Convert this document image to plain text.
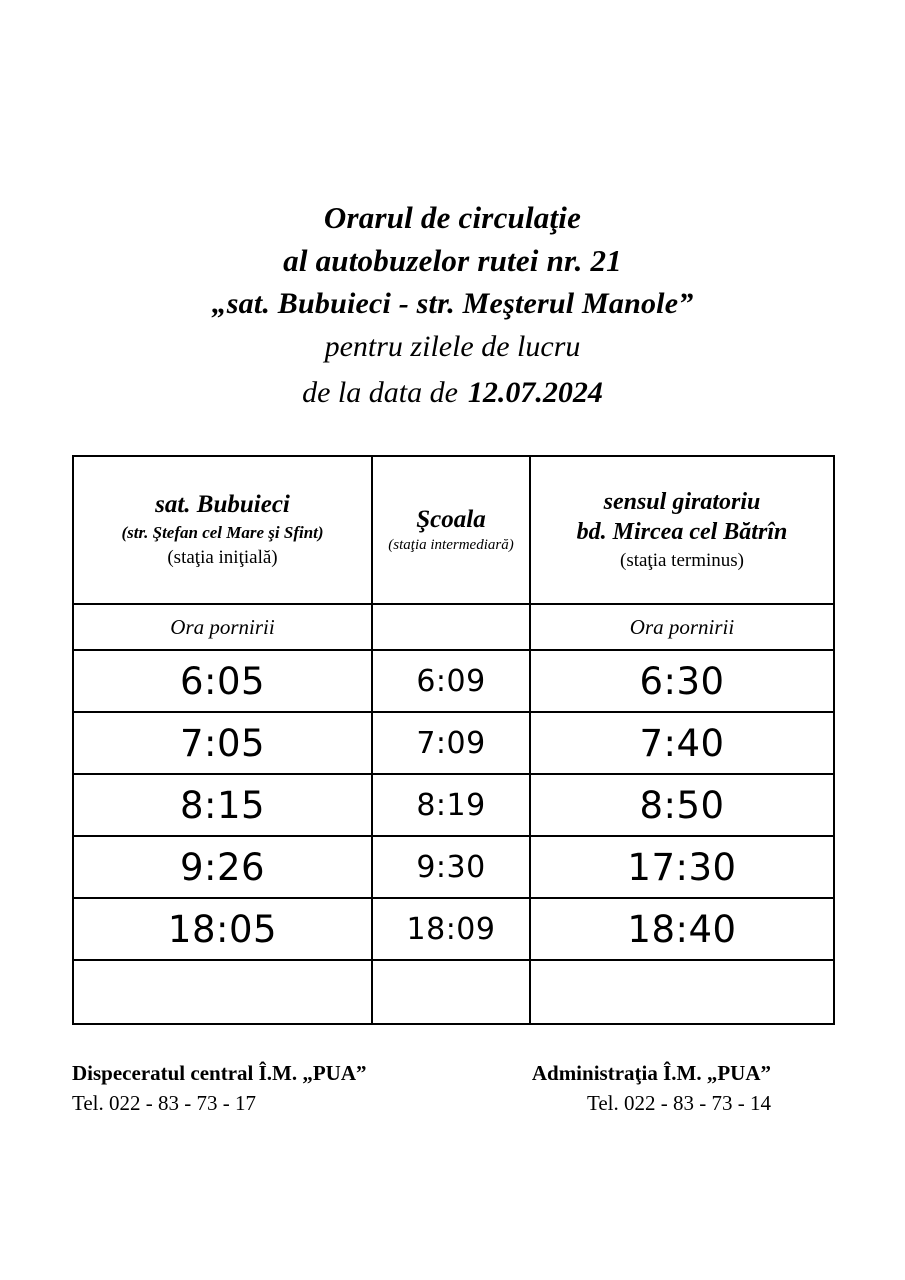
Orarul de circulaţie
al autobuzelor rutei nr. 21
„sat. Bubuieci - str. Meşterul Manole”
pentru zilele de lucru
de la data de 12.07.2024
sat. Bubuieci
(str. Ştefan cel Mare şi Sfint)
(staţia iniţială)

Şcoala
(staţia intermediară)

sensul giratoriu
bd. Mircea cel Bătrîn
(staţia terminus)

Ora pornirii		Ora pornirii
6:05	6:09	6:30
7:05	7:09	7:40
8:15	8:19	8:50
9:26	9:30	17:30
18:05	18:09	18:40

Dispeceratul central Î.M. „PUA”
Tel. 022 - 83 - 73 - 17
Administraţia Î.M. „PUA”
Tel. 022 - 83 - 73 - 14
